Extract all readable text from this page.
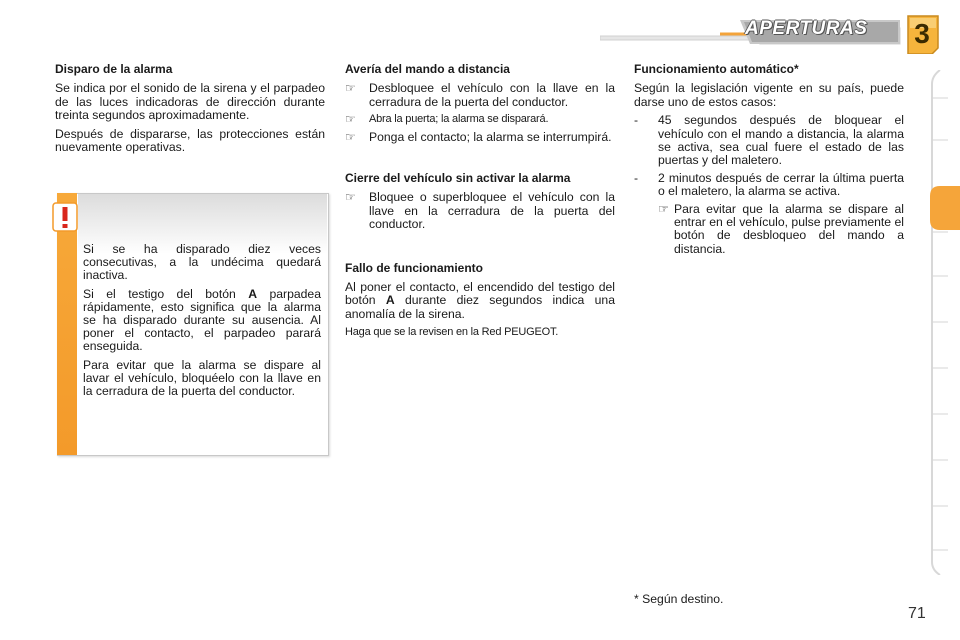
APERTURAS	3
Disparo de la alarma

Se indica por el sonido de la sirena y el parpadeo de las luces indicadoras de dirección durante treinta segundos aproximadamente.

Después de dispararse, las protecciones están nuevamente operativas.

Si se ha disparado diez veces consecutivas, a la undécima quedará inactiva.

Si el testigo del botón A parpadea rápidamente, esto significa que la alarma se ha disparado durante su ausencia. Al poner el contacto, el parpadeo parará enseguida.

Para evitar que la alarma se dispare al lavar el vehículo, bloquéelo con la llave en la cerradura de la puerta del conductor.

Avería del mando a distancia
☞ Desbloquee el vehículo con la llave en la cerradura de la puerta del conductor.
☞ Abra la puerta; la alarma se disparará.
☞ Ponga el contacto; la alarma se interrumpirá.
Cierre del vehículo sin activar la alarma
☞ Bloquee o superbloquee el vehículo con la llave en la cerradura de la puerta del conductor.
Fallo de funcionamiento

Al poner el contacto, el encendido del testigo del botón A durante diez segundos indica una anomalía de la sirena.

Haga que se la revisen en la Red PEUGEOT.

Funcionamiento automático*

Según la legislación vigente en su país, puede darse uno de estos casos:

- 45 segundos después de bloquear el vehículo con el mando a distancia, la alarma se activa, sea cual fuere el estado de las puertas y del maletero.
- 2 minutos después de cerrar la última puerta o el maletero, la alarma se activa.
☞ Para evitar que la alarma se dispare al entrar en el vehículo, pulse previamente el botón de desbloqueo del mando a distancia.
* Según destino.
71
